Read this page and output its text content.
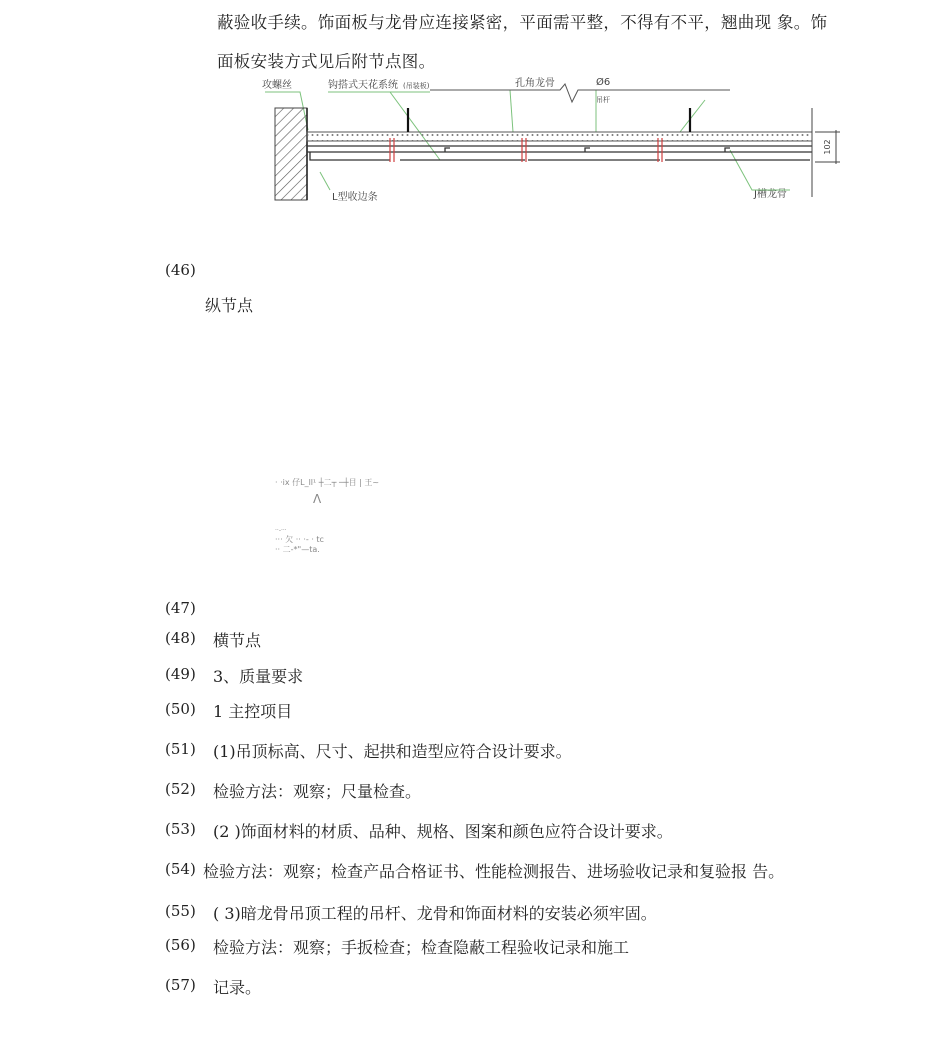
蔽验收手续。饰面板与龙骨应连接紧密，平面需平整，不得有不平，翘曲现 象。饰
面板安装方式见后附节点图。
攻螺丝	钩搭式天花系统 (吊装板)	孔角龙骨	Ø6
吊杆
L型收边条	J槽龙骨
102
(46)
纵节点
· ·ix 仔L_ll¹ ┼二┬ ─┼目 | 王~
Λ
··-···
··· 欠 ·· ·- · tc
·· 二-*"—ta.
(47)
(48) 横节点
(49) 3、质量要求
(50) 1 主控项目
(51) (1)吊顶标高、尺寸、起拱和造型应符合设计要求。
(52) 检验方法：观察；尺量检查。
(53) (2 )饰面材料的材质、品种、规格、图案和颜色应符合设计要求。
(54) 检验方法：观察；检查产品合格证书、性能检测报告、进场验收记录和复验报 告。
(55) ( 3)暗龙骨吊顶工程的吊杆、龙骨和饰面材料的安装必须牢固。
(56) 检验方法：观察；手扳检查；检查隐蔽工程验收记录和施工
(57) 记录。
